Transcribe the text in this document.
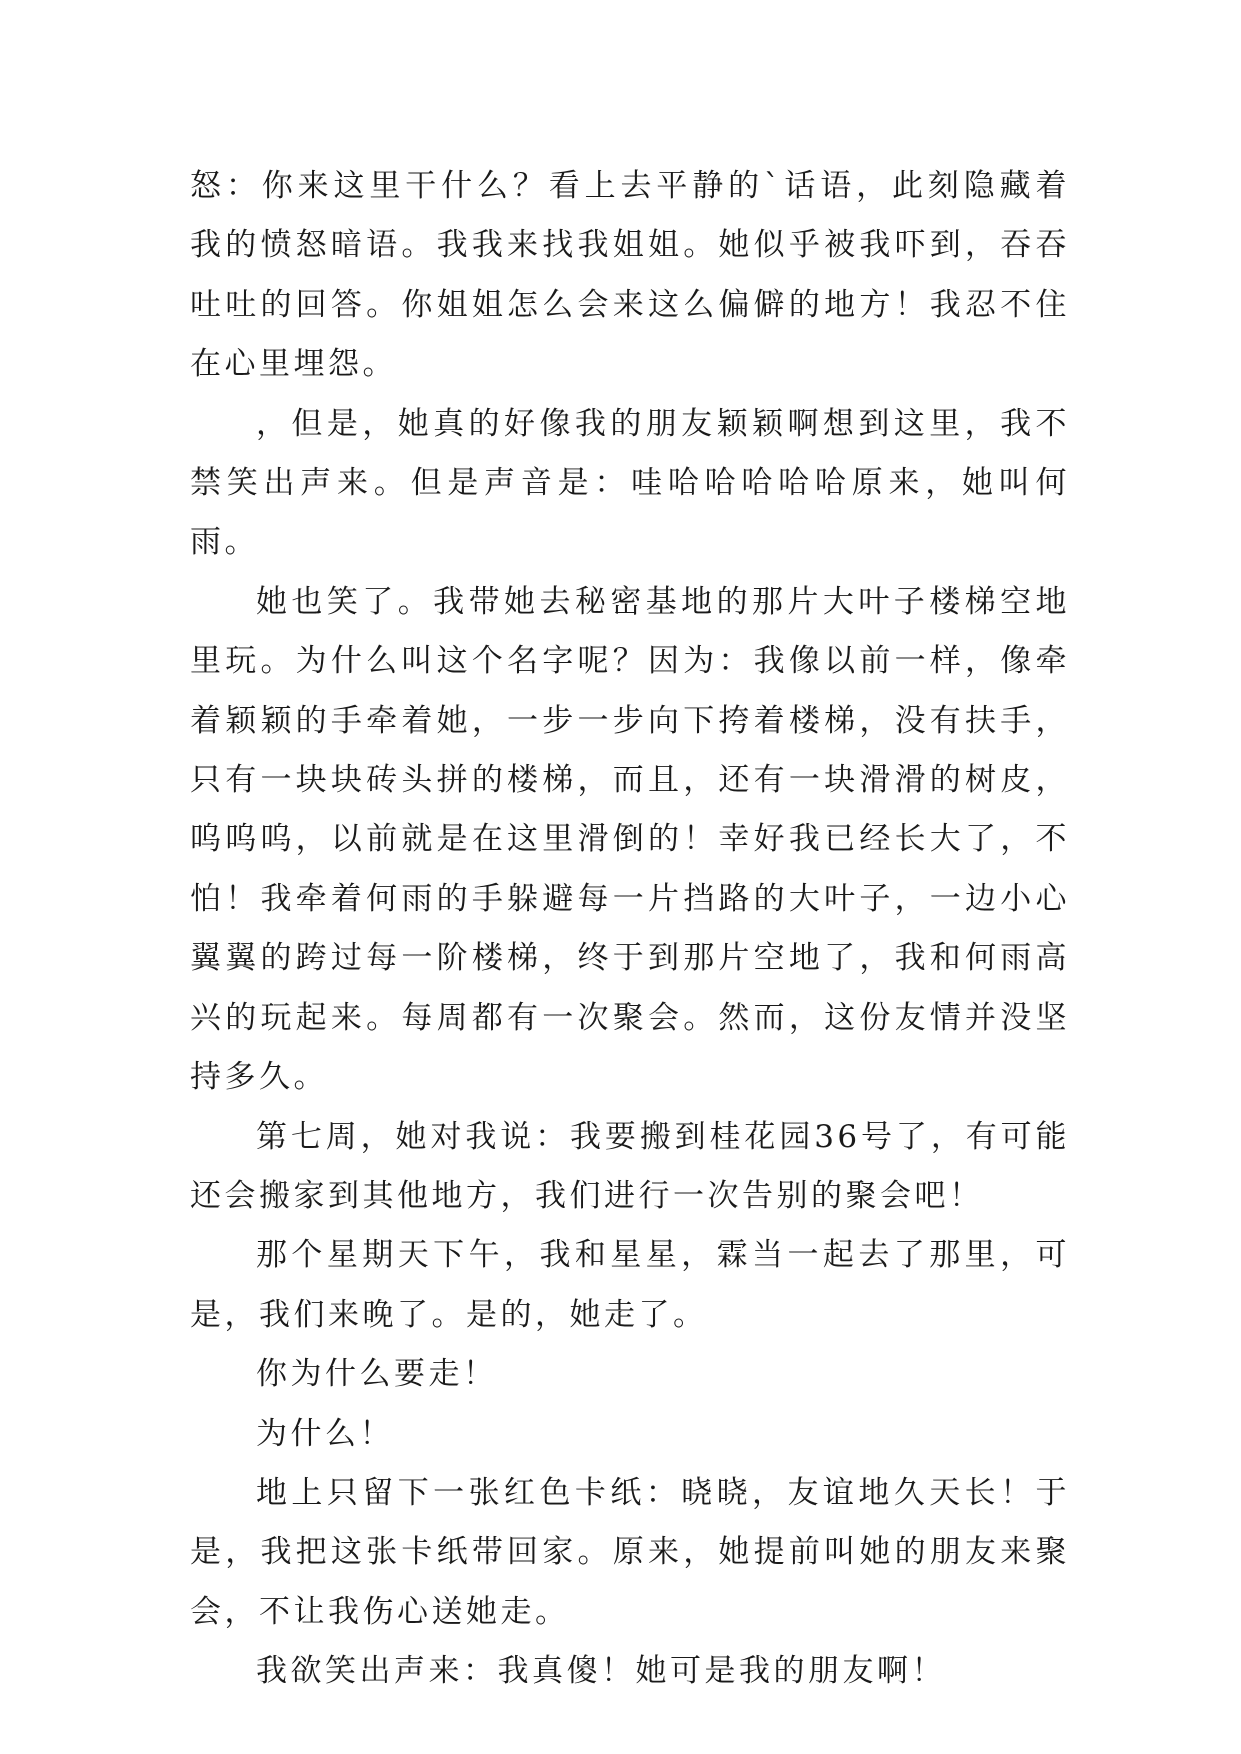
怒：你来这里干什么？看上去平静的`话语，此刻隐藏着我的愤怒暗语。我我来找我姐姐。她似乎被我吓到，吞吞吐吐的回答。你姐姐怎么会来这么偏僻的地方！我忍不住在心里埋怨。

，但是，她真的好像我的朋友颖颖啊想到这里，我不禁笑出声来。但是声音是：哇哈哈哈哈哈原来，她叫何雨。

她也笑了。我带她去秘密基地的那片大叶子楼梯空地里玩。为什么叫这个名字呢？因为：我像以前一样，像牵着颖颖的手牵着她，一步一步向下挎着楼梯，没有扶手，只有一块块砖头拼的楼梯，而且，还有一块滑滑的树皮，呜呜呜，以前就是在这里滑倒的！幸好我已经长大了，不怕！我牵着何雨的手躲避每一片挡路的大叶子，一边小心翼翼的跨过每一阶楼梯，终于到那片空地了，我和何雨高兴的玩起来。每周都有一次聚会。然而，这份友情并没坚持多久。

第七周，她对我说：我要搬到桂花园36号了，有可能还会搬家到其他地方，我们进行一次告别的聚会吧！

那个星期天下午，我和星星，霖当一起去了那里，可是，我们来晚了。是的，她走了。

你为什么要走！

为什么！

地上只留下一张红色卡纸：晓晓，友谊地久天长！于是，我把这张卡纸带回家。原来，她提前叫她的朋友来聚会，不让我伤心送她走。

我欲笑出声来：我真傻！她可是我的朋友啊！
